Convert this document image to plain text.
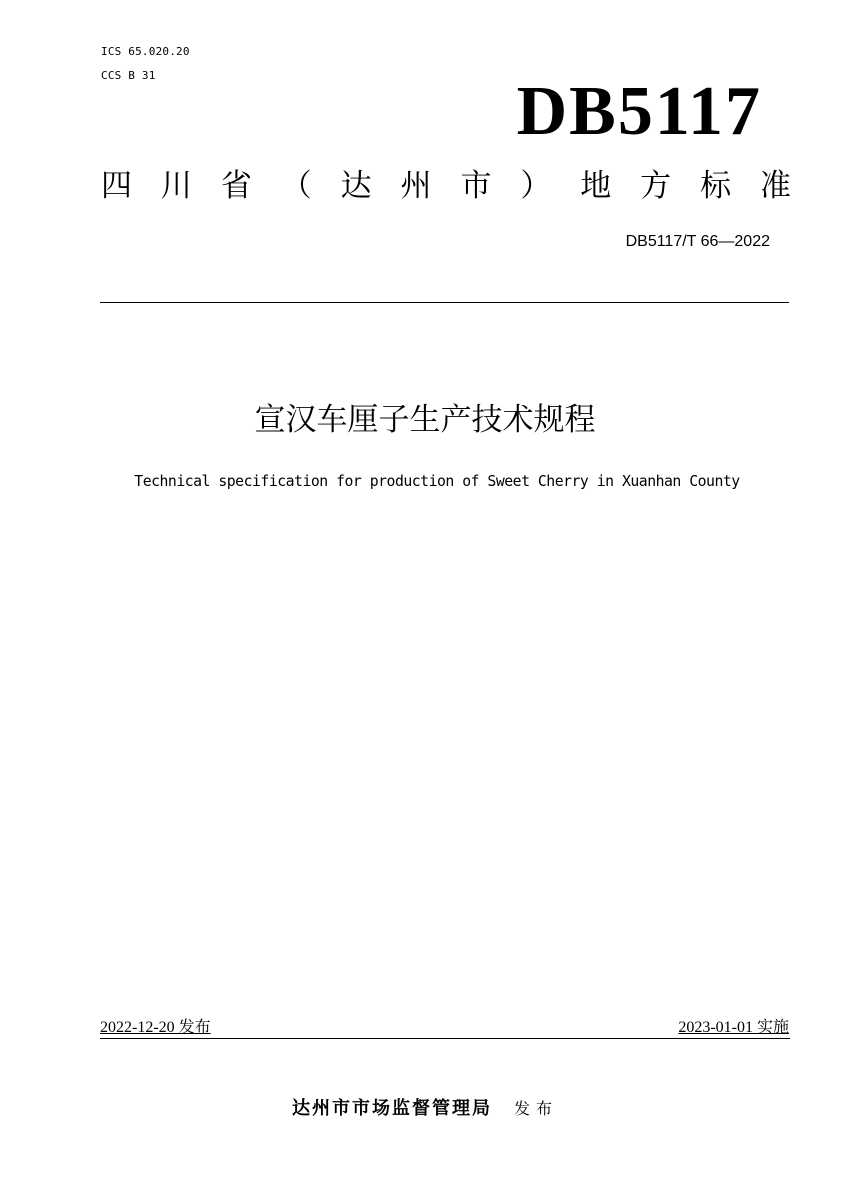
ICS 65.020.20
CCS B 31	DB5117
四 川 省 （ 达 州 市 ） 地 方 标 准
DB5117/T 66—2022
宣汉车厘子生产技术规程
Technical specification for production of Sweet Cherry in Xuanhan County
2022-12-20 发布	2023-01-01 实施
达州市市场监督管理局 发布
